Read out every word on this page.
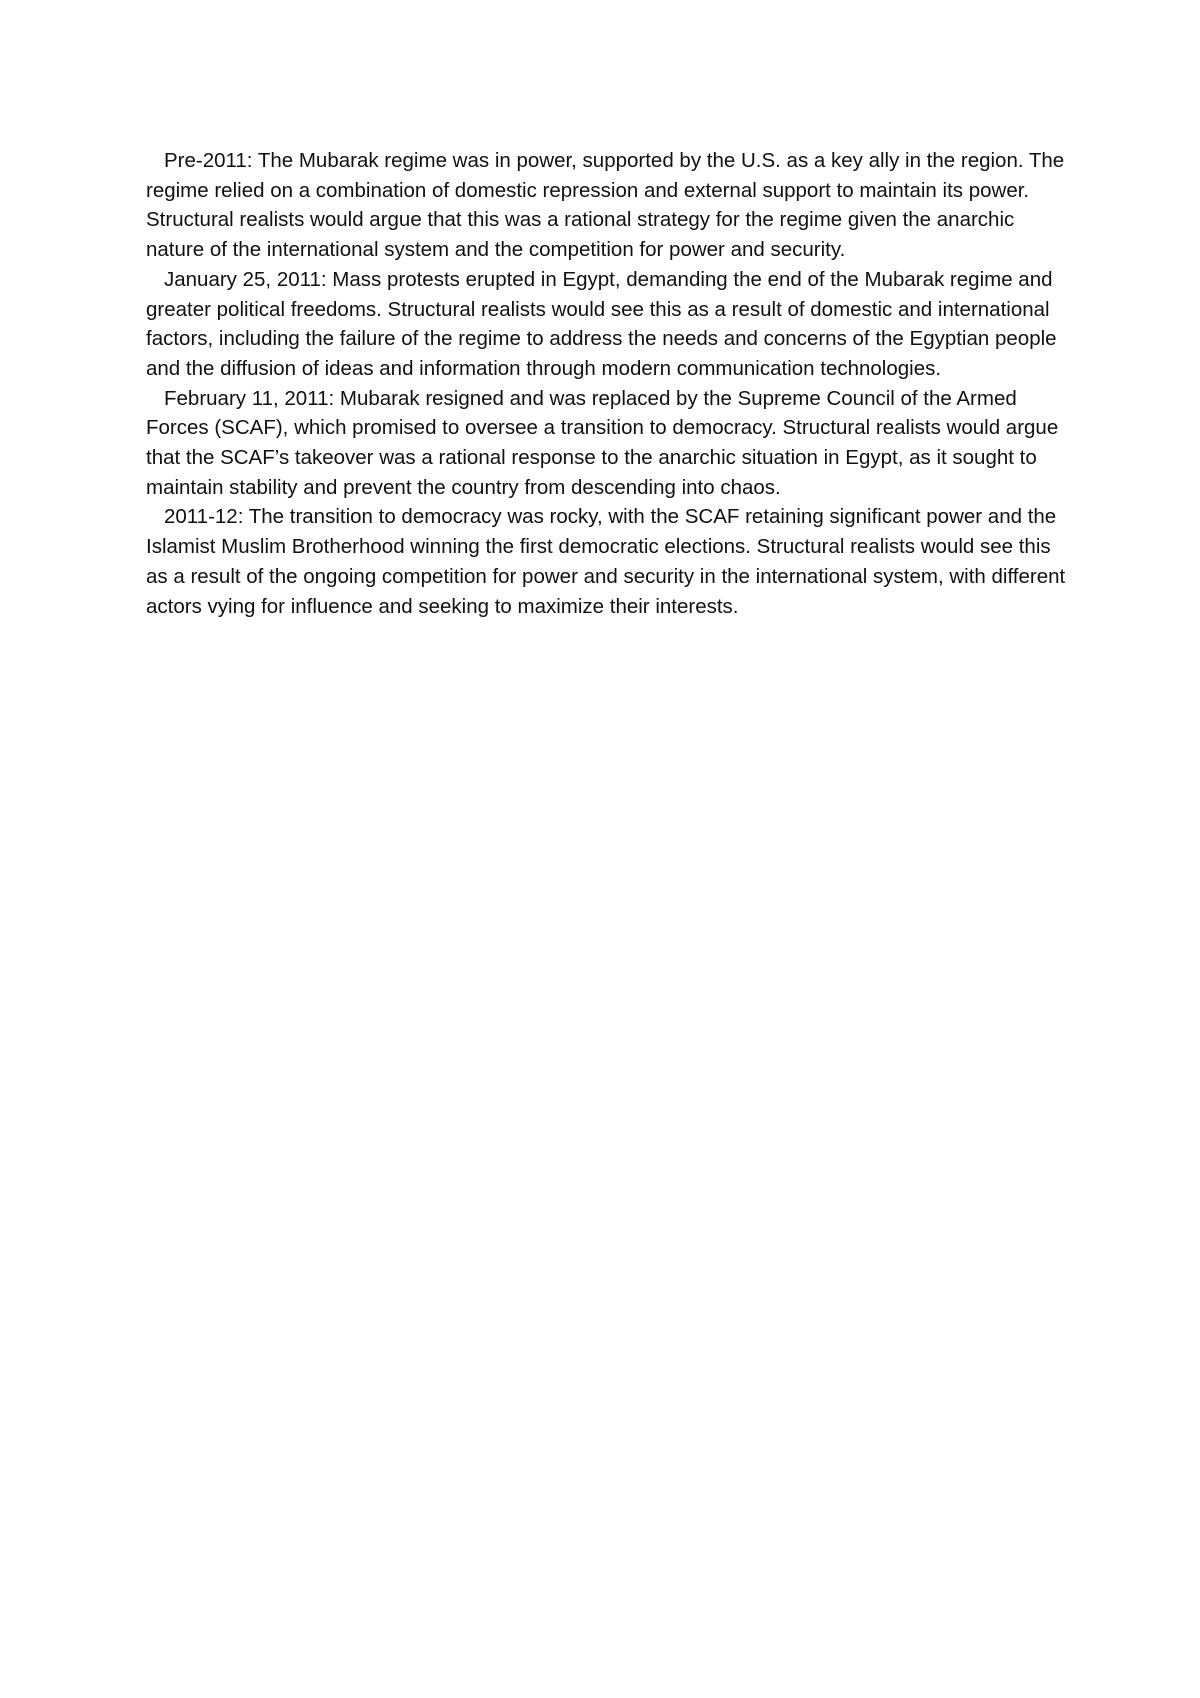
Pre-2011: The Mubarak regime was in power, supported by the U.S. as a key ally in the region. The regime relied on a combination of domestic repression and external support to maintain its power. Structural realists would argue that this was a rational strategy for the regime given the anarchic nature of the international system and the competition for power and security.

January 25, 2011: Mass protests erupted in Egypt, demanding the end of the Mubarak regime and greater political freedoms. Structural realists would see this as a result of domestic and international factors, including the failure of the regime to address the needs and concerns of the Egyptian people and the diffusion of ideas and information through modern communication technologies.

February 11, 2011: Mubarak resigned and was replaced by the Supreme Council of the Armed Forces (SCAF), which promised to oversee a transition to democracy. Structural realists would argue that the SCAF’s takeover was a rational response to the anarchic situation in Egypt, as it sought to maintain stability and prevent the country from descending into chaos.

2011-12: The transition to democracy was rocky, with the SCAF retaining significant power and the Islamist Muslim Brotherhood winning the first democratic elections. Structural realists would see this as a result of the ongoing competition for power and security in the international system, with different actors vying for influence and seeking to maximize their interests.
